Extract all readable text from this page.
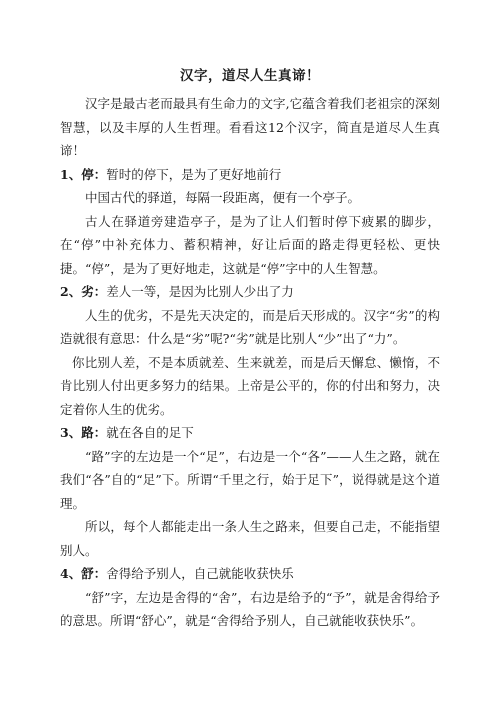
汉字，道尽人生真谛！

汉字是最古老而最具有生命力的文字,它蕴含着我们老祖宗的深刻智慧，以及丰厚的人生哲理。看看这12个汉字，简直是道尽人生真谛！

1、停：暂时的停下，是为了更好地前行

中国古代的驿道，每隔一段距离，便有一个亭子。

古人在驿道旁建造亭子，是为了让人们暂时停下疲累的脚步，在“停”中补充体力、蓄积精神，好让后面的路走得更轻松、更快捷。“停”，是为了更好地走，这就是“停”字中的人生智慧。

2、劣：差人一等，是因为比别人少出了力

人生的优劣，不是先天决定的，而是后天形成的。汉字“劣”的构造就很有意思：什么是“劣”呢?“劣”就是比别人“少”出了“力”。

你比别人差，不是本质就差、生来就差，而是后天懈怠、懒惰，不肯比别人付出更多努力的结果。上帝是公平的，你的付出和努力，决定着你人生的优劣。

3、路：就在各自的足下

“路”字的左边是一个“足”，右边是一个“各”——人生之路，就在我们“各”自的“足”下。所谓“千里之行，始于足下”，说得就是这个道理。

所以，每个人都能走出一条人生之路来，但要自己走，不能指望别人。

4、舒：舍得给予别人，自己就能收获快乐

“舒”字，左边是舍得的“舍”，右边是给予的“予”，就是舍得给予的意思。所谓“舒心”，就是“舍得给予别人，自己就能收获快乐”。
